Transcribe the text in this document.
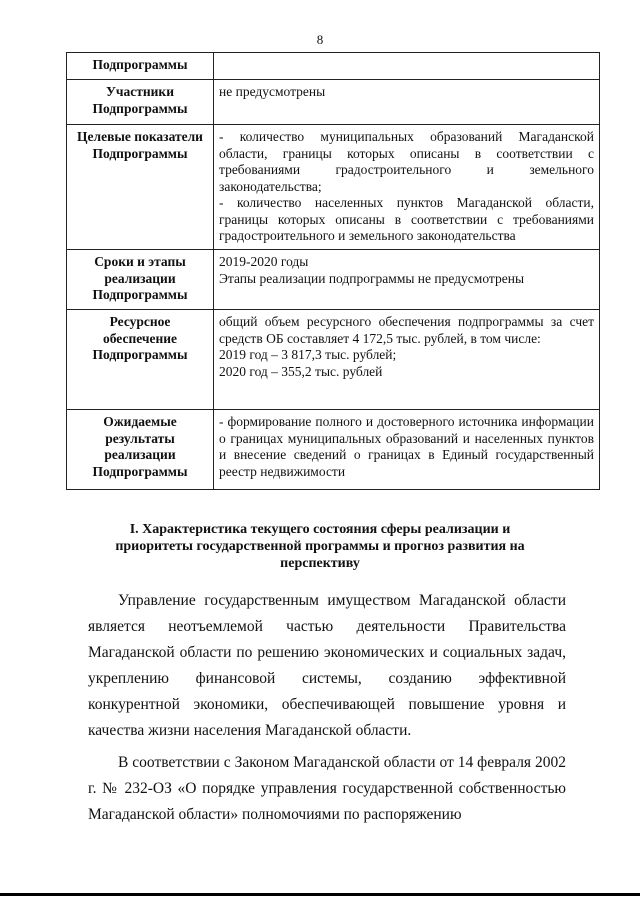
8
Подпрограммы	
Участники Подпрограммы	не предусмотрены

Целевые показатели Подпрограммы	- количество муниципальных образований Магаданской области, границы которых описаны в соответствии с требованиями градостроительного и земельного законодательства;
- количество населенных пунктов Магаданской области, границы которых описаны в соответствии с требованиями градостроительного и земельного законодательства

Сроки и этапы реализации Подпрограммы	2019-2020 годы
Этапы реализации подпрограммы не предусмотрены

Ресурсное обеспечение Подпрограммы	общий объем ресурсного обеспечения подпрограммы за счет средств ОБ составляет 4 172,5 тыс. рублей, в том числе:
2019 год – 3 817,3 тыс. рублей;
2020 год – 355,2 тыс. рублей

Ожидаемые результаты реализации Подпрограммы	- формирование полного и достоверного источника информации о границах муниципальных образований и населенных пунктов и внесение сведений о границах в Единый государственный реестр недвижимости
I. Характеристика текущего состояния сферы реализации и приоритеты государственной программы и прогноз развития на перспективу

Управление государственным имуществом Магаданской области является неотъемлемой частью деятельности Правительства Магаданской области по решению экономических и социальных задач, укреплению финансовой системы, созданию эффективной конкурентной экономики, обеспечивающей повышение уровня и качества жизни населения Магаданской области.

В соответствии с Законом Магаданской области от 14 февраля 2002 г. № 232-ОЗ «О порядке управления государственной собственностью Магаданской области» полномочиями по распоряжению
